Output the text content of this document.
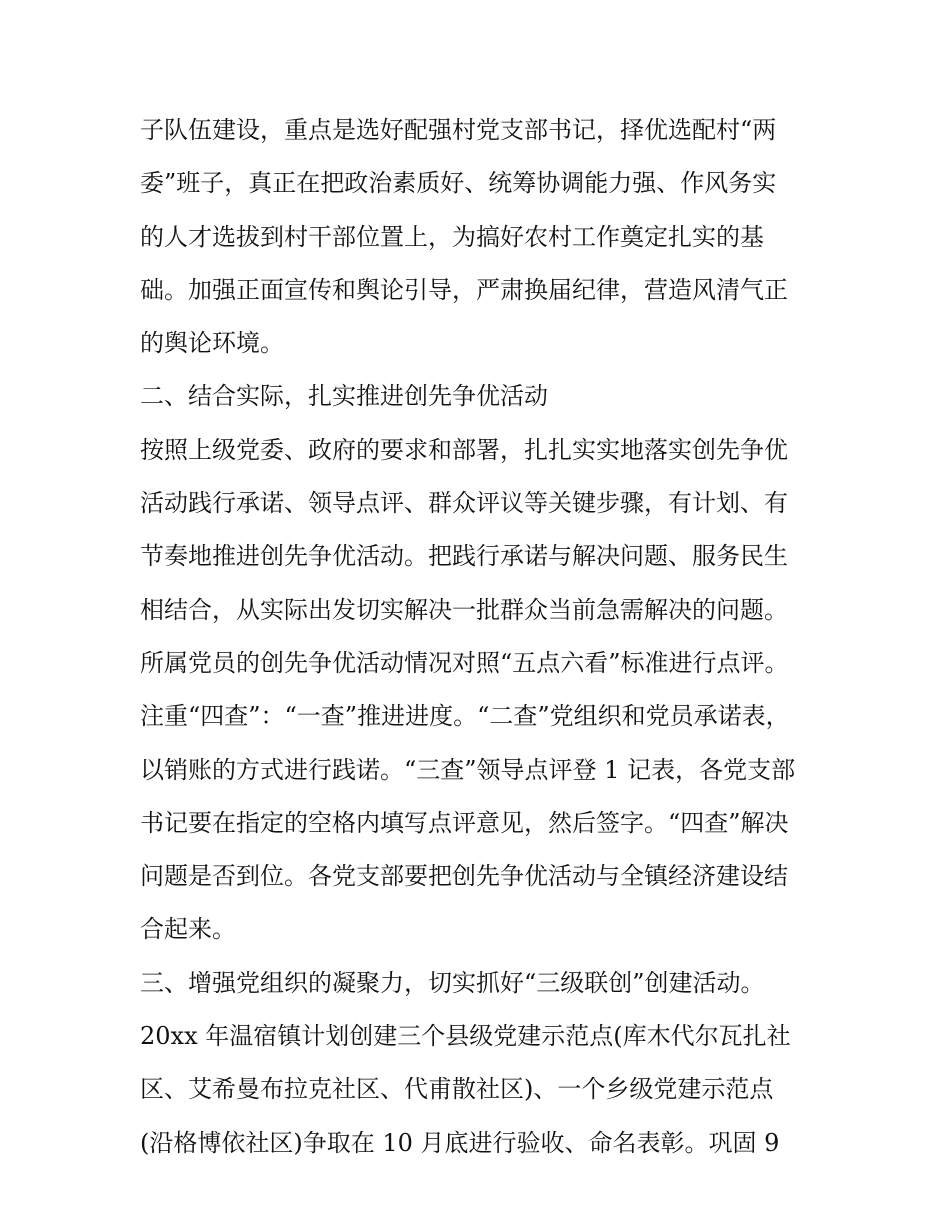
子队伍建设，重点是选好配强村党支部书记，择优选配村“两
委”班子，真正在把政治素质好、统筹协调能力强、作风务实
的人才选拔到村干部位置上，为搞好农村工作奠定扎实的基
础。加强正面宣传和舆论引导，严肃换届纪律，营造风清气正
的舆论环境。
二、结合实际，扎实推进创先争优活动
按照上级党委、政府的要求和部署，扎扎实实地落实创先争优
活动践行承诺、领导点评、群众评议等关键步骤，有计划、有
节奏地推进创先争优活动。把践行承诺与解决问题、服务民生
相结合，从实际出发切实解决一批群众当前急需解决的问题。
所属党员的创先争优活动情况对照“五点六看”标准进行点评。
注重“四查”：“一查”推进进度。“二查”党组织和党员承诺表，
以销账的方式进行践诺。“三查”领导点评登 1 记表，各党支部
书记要在指定的空格内填写点评意见，然后签字。“四查”解决
问题是否到位。各党支部要把创先争优活动与全镇经济建设结
合起来。
三、增强党组织的凝聚力，切实抓好“三级联创”创建活动。
20xx 年温宿镇计划创建三个县级党建示范点(库木代尔瓦扎社
区、艾希曼布拉克社区、代甫散社区)、一个乡级党建示范点
(沿格博依社区)争取在 10 月底进行验收、命名表彰。巩固 9
